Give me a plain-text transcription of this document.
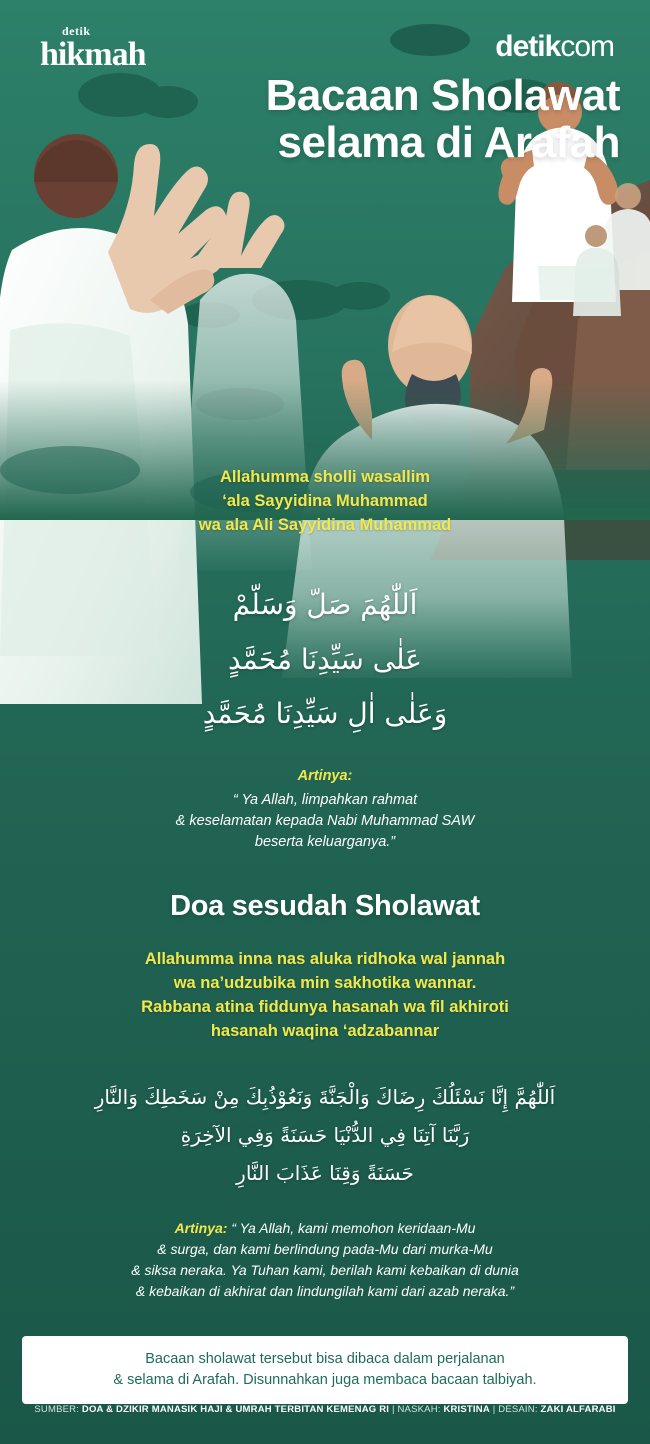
detik
hikmah	detikcom
Bacaan Sholawat selama di Arafah
Allahumma sholli wasallim
‘ala Sayyidina Muhammad
wa ala Ali Sayyidina Muhammad
اَللّٰهُمَ صَلّ وَسَلّمْ
عَلٰى سَيِّدِنَا مُحَمَّدٍ
وَعَلٰى اٰلِ سَيِّدِنَا مُحَمَّدٍ
Artinya:
“ Ya Allah, limpahkan rahmat
& keselamatan kepada Nabi Muhammad SAW
beserta keluarganya.”
Doa sesudah Sholawat
Allahumma inna nas aluka ridhoka wal jannah
wa na’udzubika min sakhotika wannar.
Rabbana atina fiddunya hasanah wa fil akhiroti
hasanah waqina ‘adzabannar
اَللّٰهُمَّ إِنَّا نَسْئَلُكَ رِضَاكَ وَالْجَنَّةَ وَنَعُوْذُبِكَ مِنْ سَخَطِكَ وَالنَّارِ
رَبَّنَا آتِنَا فِي الدُّنْيَا حَسَنَةً وَفِي الآخِرَةِ
حَسَنَةً وَقِنَا عَذَابَ النَّارِ
Artinya: “ Ya Allah, kami memohon keridaan-Mu
& surga, dan kami berlindung pada-Mu dari murka-Mu
& siksa neraka. Ya Tuhan kami, berilah kami kebaikan di dunia
& kebaikan di akhirat dan lindungilah kami dari azab neraka.”
Bacaan sholawat tersebut bisa dibaca dalam perjalanan
& selama di Arafah. Disunnahkan juga membaca bacaan talbiyah.
SUMBER: DOA & DZIKIR MANASIK HAJI & UMRAH TERBITAN KEMENAG RI | NASKAH: KRISTINA | DESAIN: ZAKI ALFARABI
